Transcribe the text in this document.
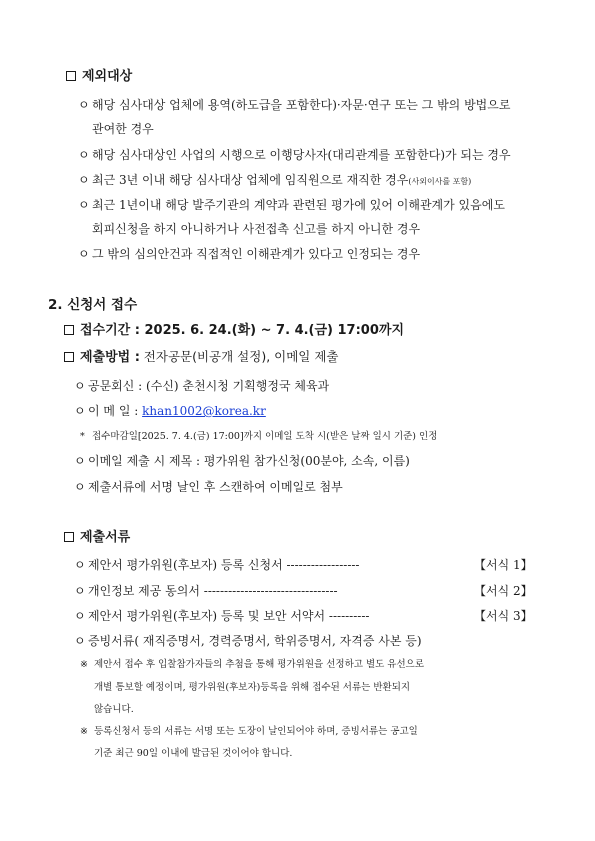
제외대상
ㅇ 해당 심사대상 업체에 용역(하도급을 포함한다)·자문·연구 또는 그 밖의 방법으로
관여한 경우
ㅇ 해당 심사대상인 사업의 시행으로 이행당사자(대리관계를 포함한다)가 되는 경우
ㅇ 최근 3년 이내 해당 심사대상 업체에 임직원으로 재직한 경우(사외이사를 포함)
ㅇ 최근 1년이내 해당 발주기관의 계약과 관련된 평가에 있어 이해관계가 있음에도
회피신청을 하지 아니하거나 사전접촉 신고를 하지 아니한 경우
ㅇ 그 밖의 심의안건과 직접적인 이해관계가 있다고 인정되는 경우
2. 신청서 접수
접수기간 : 2025. 6. 24.(화) ~ 7. 4.(금) 17:00까지
제출방법 : 전자공문(비공개 설정), 이메일 제출
ㅇ 공문회신 : (수신) 춘천시청 기획행정국 체육과
ㅇ 이 메 일 : khan1002@korea.kr
* 접수마감일[2025. 7. 4.(금) 17:00]까지 이메일 도착 시(받은 날짜 일시 기준) 인정
ㅇ 이메일 제출 시 제목 : 평가위원 참가신청(00분야, 소속, 이름)
ㅇ 제출서류에 서명 날인 후 스캔하여 이메일로 첨부
제출서류
ㅇ 제안서 평가위원(후보자) 등록 신청서 ------------------	【서식 1】
ㅇ 개인정보 제공 동의서 ---------------------------------	【서식 2】
ㅇ 제안서 평가위원(후보자) 등록 및 보안 서약서 ----------	【서식 3】
ㅇ 증빙서류( 재직증명서, 경력증명서, 학위증명서, 자격증 사본 등)
※ 제안서 접수 후 입찰참가자들의 추첨을 통해 평가위원을 선정하고 별도 유선으로
개별 통보할 예정이며, 평가위원(후보자)등록을 위해 접수된 서류는 반환되지
않습니다.
※ 등록신청서 등의 서류는 서명 또는 도장이 날인되어야 하며, 증빙서류는 공고일
기준 최근 90일 이내에 발급된 것이어야 합니다.
